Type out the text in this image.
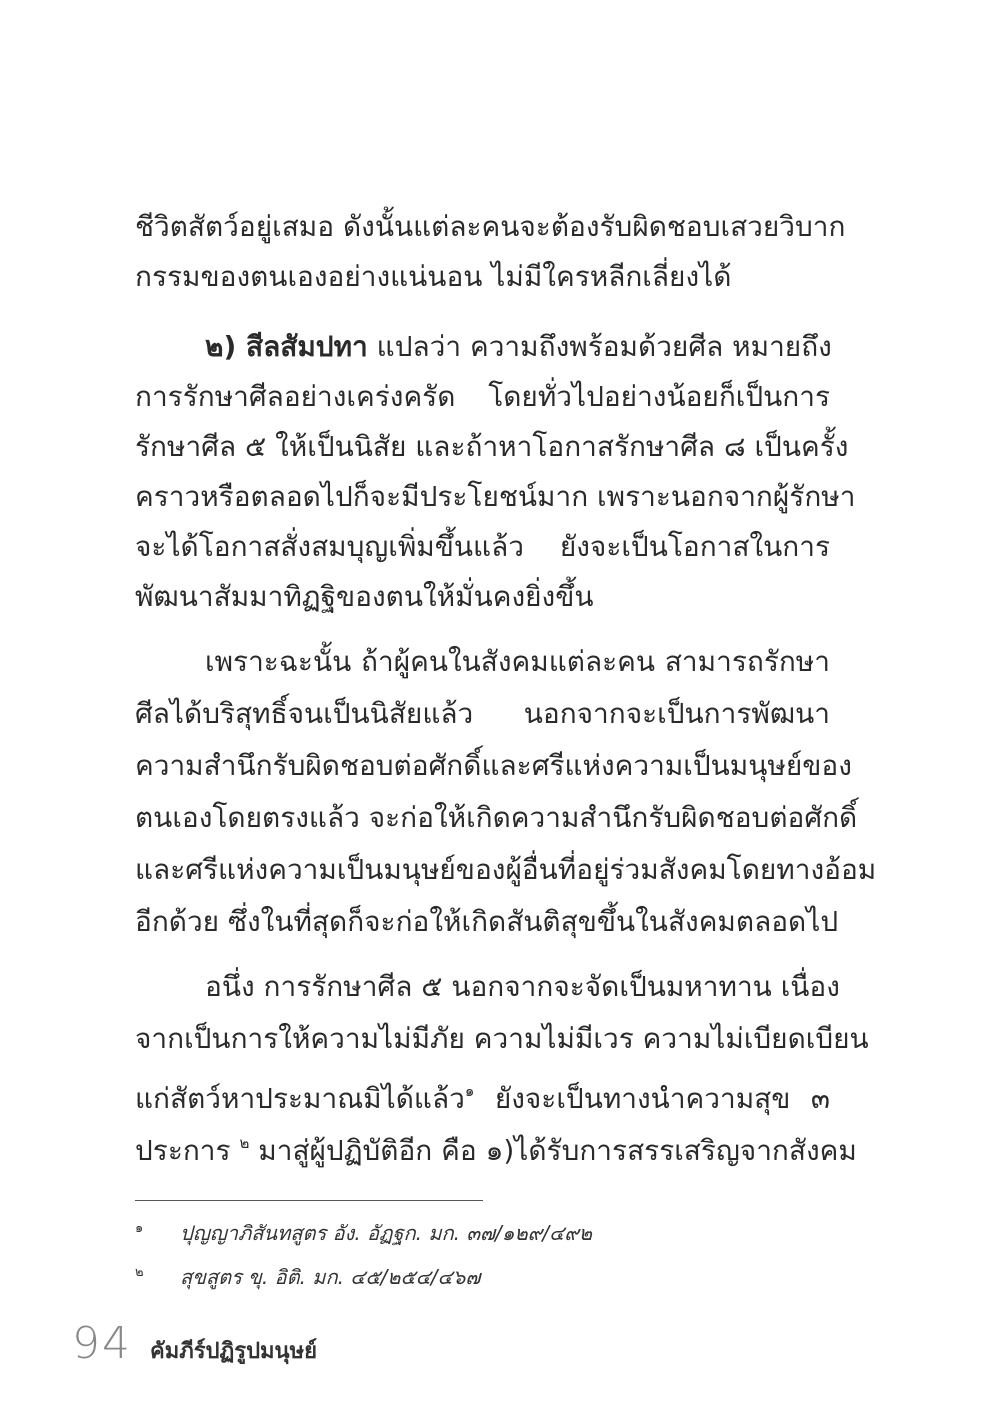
ชีวิตสัตว์อยู่เสมอ ดังนั้นแต่ละคนจะต้องรับผิดชอบเสวยวิบาก
กรรมของตนเองอย่างแน่นอน ไม่มีใครหลีกเลี่ยงได้
๒) สีลสัมปทา แปลว่า ความถึงพร้อมด้วยศีล หมายถึง
การรักษาศีลอย่างเคร่งครัด โดยทั่วไปอย่างน้อยก็เป็นการ
รักษาศีล ๕ ให้เป็นนิสัย และถ้าหาโอกาสรักษาศีล ๘ เป็นครั้ง
คราวหรือตลอดไปก็จะมีประโยชน์มาก เพราะนอกจากผู้รักษา
จะได้โอกาสสั่งสมบุญเพิ่มขึ้นแล้ว ยังจะเป็นโอกาสในการ
พัฒนาสัมมาทิฏฐิของตนให้มั่นคงยิ่งขึ้น
เพราะฉะนั้น ถ้าผู้คนในสังคมแต่ละคน สามารถรักษา
ศีลได้บริสุทธิ์จนเป็นนิสัยแล้ว นอกจากจะเป็นการพัฒนา
ความสำนึกรับผิดชอบต่อศักดิ์และศรีแห่งความเป็นมนุษย์ของ
ตนเองโดยตรงแล้ว จะก่อให้เกิดความสำนึกรับผิดชอบต่อศักดิ์
และศรีแห่งความเป็นมนุษย์ของผู้อื่นที่อยู่ร่วมสังคมโดยทางอ้อม
อีกด้วย ซึ่งในที่สุดก็จะก่อให้เกิดสันติสุขขึ้นในสังคมตลอดไป
อนึ่ง การรักษาศีล ๕ นอกจากจะจัดเป็นมหาทาน เนื่อง
จากเป็นการให้ความไม่มีภัย ความไม่มีเวร ความไม่เบียดเบียน
แก่สัตว์หาประมาณมิได้แล้ว$^๑$ ยังจะเป็นทางนำความสุข ๓
ประการ $^๒$ มาสู่ผู้ปฏิบัติอีก คือ ๑)ได้รับการสรรเสริญจากสังคม
๑ ปุญญาภิสันทสูตร อัง. อัฏฐก. มก. ๓๗/๑๒๙/๔๙๒
๒ สุขสูตร ขุ. อิติ. มก. ๔๕/๒๕๔/๔๖๗
94 คัมภีร์ปฏิรูปมนุษย์
